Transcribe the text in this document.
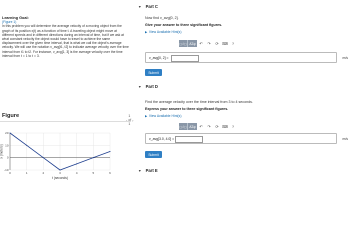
Learning Goal:
(Figure 1)
In this problem you will determine the average velocity of a moving object from the graph of its position x(t) as a function of time t. A traveling object might move at different speeds and in different directions during an interval of time, but if we ask at what constant velocity the object would have to travel to achieve the same displacement over the given time interval, that is what we call the object's average velocity. We will use the notation v_avg[t1, t2] to indicate average velocity over the time interval from t1 to t2. For instance, v_avg[1, 3] is the average velocity over the time interval from t = 1 to t = 3.
Figure
‹
1 of 1
›
0	1	2	3	4	5	6
-10
0
10
20
t (seconds)
(meters)
▼ Part C
Now find v_avg[0, 2].
Give your answer to three significant figures.
▶ View Available Hint(s)
▢√▢ ΑΣφ ↶	↷	⟳ ⌨ ?
v_avg[0, 2] =	m/s
Submit
▼ Part D
Find the average velocity over the time interval from 3 to 4 seconds.
Express your answer to three significant figures.
▶ View Available Hint(s)
▢√▢ ΑΣφ ↶	↷	⟳ ⌨ ?
v_avg[3.0, 4.0] =	m/s
Submit
▼ Part E
